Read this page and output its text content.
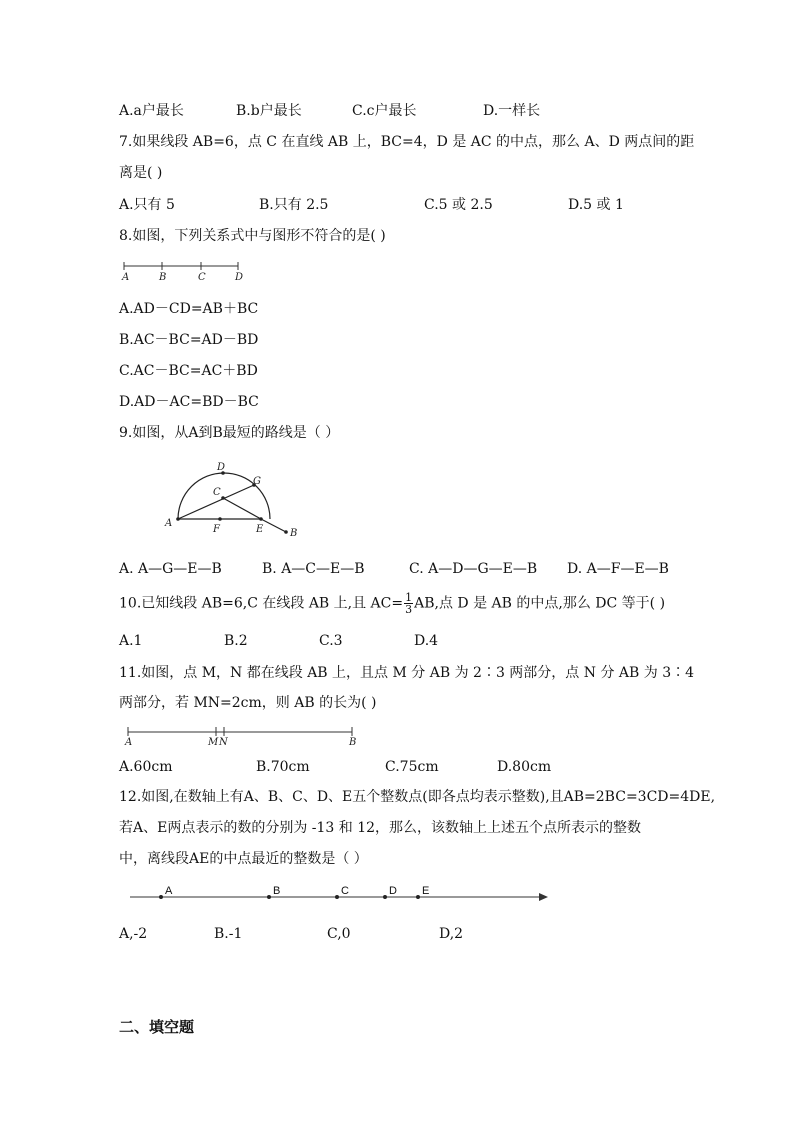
A.a户最长	B.b户最长	C.c户最长	D.一样长
7.如果线段 AB=6，点 C 在直线 AB 上，BC=4，D 是 AC 的中点，那么 A、D 两点间的距
离是( )
A.只有 5	B.只有 2.5	C.5 或 2.5	D.5 或 1
8.如图，下列关系式中与图形不符合的是( )
A	B	C	D
A.AD－CD=AB＋BC
B.AC－BC=AD－BD
C.AC－BC=AC＋BD
D.AD－AC=BD－BC
9.如图，从A到B最短的路线是（ ）
D
G
C
A
F	E	B
A. A—G—E—B	B. A—C—E—B	C. A—D—G—E—B D. A—F—E—B
10.已知线段 AB=6,C 在线段 AB 上,且 $AC= \frac{1}{3}$ AB,点 D 是 AB 的中点,那么 DC 等于( )
A.1	B.2	C.3	D.4
11.如图，点 M，N 都在线段 AB 上，且点 M 分 AB 为 2∶3 两部分，点 N 分 AB 为 3∶4
两部分，若 MN=2cm，则 AB 的长为( )
A	M N	B
A.60cm	B.70cm	C.75cm	D.80cm
12.如图,在数轴上有A、B、C、D、E五个整数点(即各点均表示整数),且AB=2BC=3CD=4DE,
若A、E两点表示的数的分别为 -13 和 12，那么，该数轴上上述五个点所表示的整数
中，离线段AE的中点最近的整数是（ ）
A	B	C	D E
A,-2	B.-1	C,0	D,2
二、填空题
